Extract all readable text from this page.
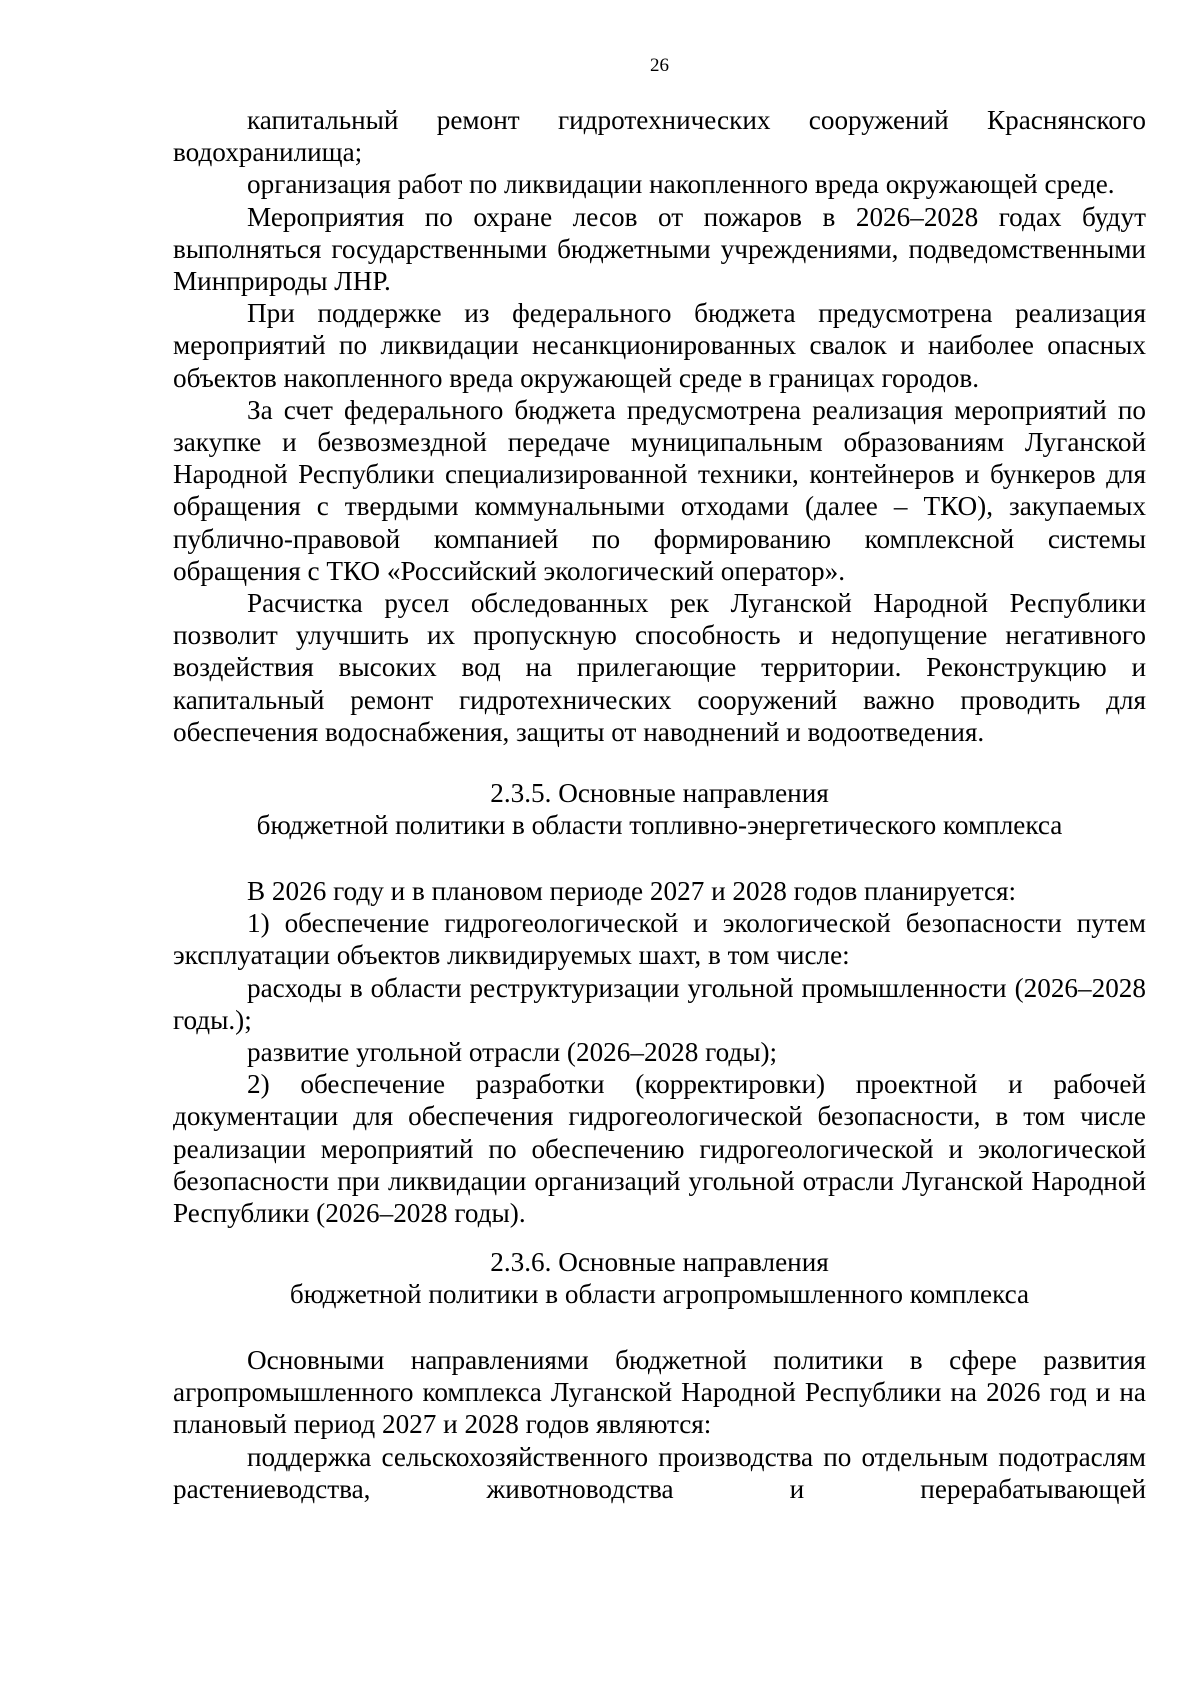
26

капитальный ремонт гидротехнических сооружений Краснянского водохранилища;

организация работ по ликвидации накопленного вреда окружающей среде.

Мероприятия по охране лесов от пожаров в 2026–2028 годах будут выполняться государственными бюджетными учреждениями, подведомственными Минприроды ЛНР.

При поддержке из федерального бюджета предусмотрена реализация мероприятий по ликвидации несанкционированных свалок и наиболее опасных объектов накопленного вреда окружающей среде в границах городов.

За счет федерального бюджета предусмотрена реализация мероприятий по закупке и безвозмездной передаче муниципальным образованиям Луганской Народной Республики специализированной техники, контейнеров и бункеров для обращения с твердыми коммунальными отходами (далее – ТКО), закупаемых публично-правовой компанией по формированию комплексной системы обращения с ТКО «Российский экологический оператор».

Расчистка русел обследованных рек Луганской Народной Республики позволит улучшить их пропускную способность и недопущение негативного воздействия высоких вод на прилегающие территории. Реконструкцию и капитальный ремонт гидротехнических сооружений важно проводить для обеспечения водоснабжения, защиты от наводнений и водоотведения.

2.3.5. Основные направления
бюджетной политики в области топливно-энергетического комплекса

В 2026 году и в плановом периоде 2027 и 2028 годов планируется:

1) обеспечение гидрогеологической и экологической безопасности путем эксплуатации объектов ликвидируемых шахт, в том числе:

расходы в области реструктуризации угольной промышленности (2026–2028 годы.);

развитие угольной отрасли (2026–2028 годы);

2) обеспечение разработки (корректировки) проектной и рабочей документации для обеспечения гидрогеологической безопасности, в том числе реализации мероприятий по обеспечению гидрогеологической и экологической безопасности при ликвидации организаций угольной отрасли Луганской Народной Республики (2026–2028 годы).

2.3.6. Основные направления
бюджетной политики в области агропромышленного комплекса

Основными направлениями бюджетной политики в сфере развития агропромышленного комплекса Луганской Народной Республики на 2026 год и на плановый период 2027 и 2028 годов являются:

поддержка сельскохозяйственного производства по отдельным подотраслям растениеводства, животноводства и перерабатывающей
